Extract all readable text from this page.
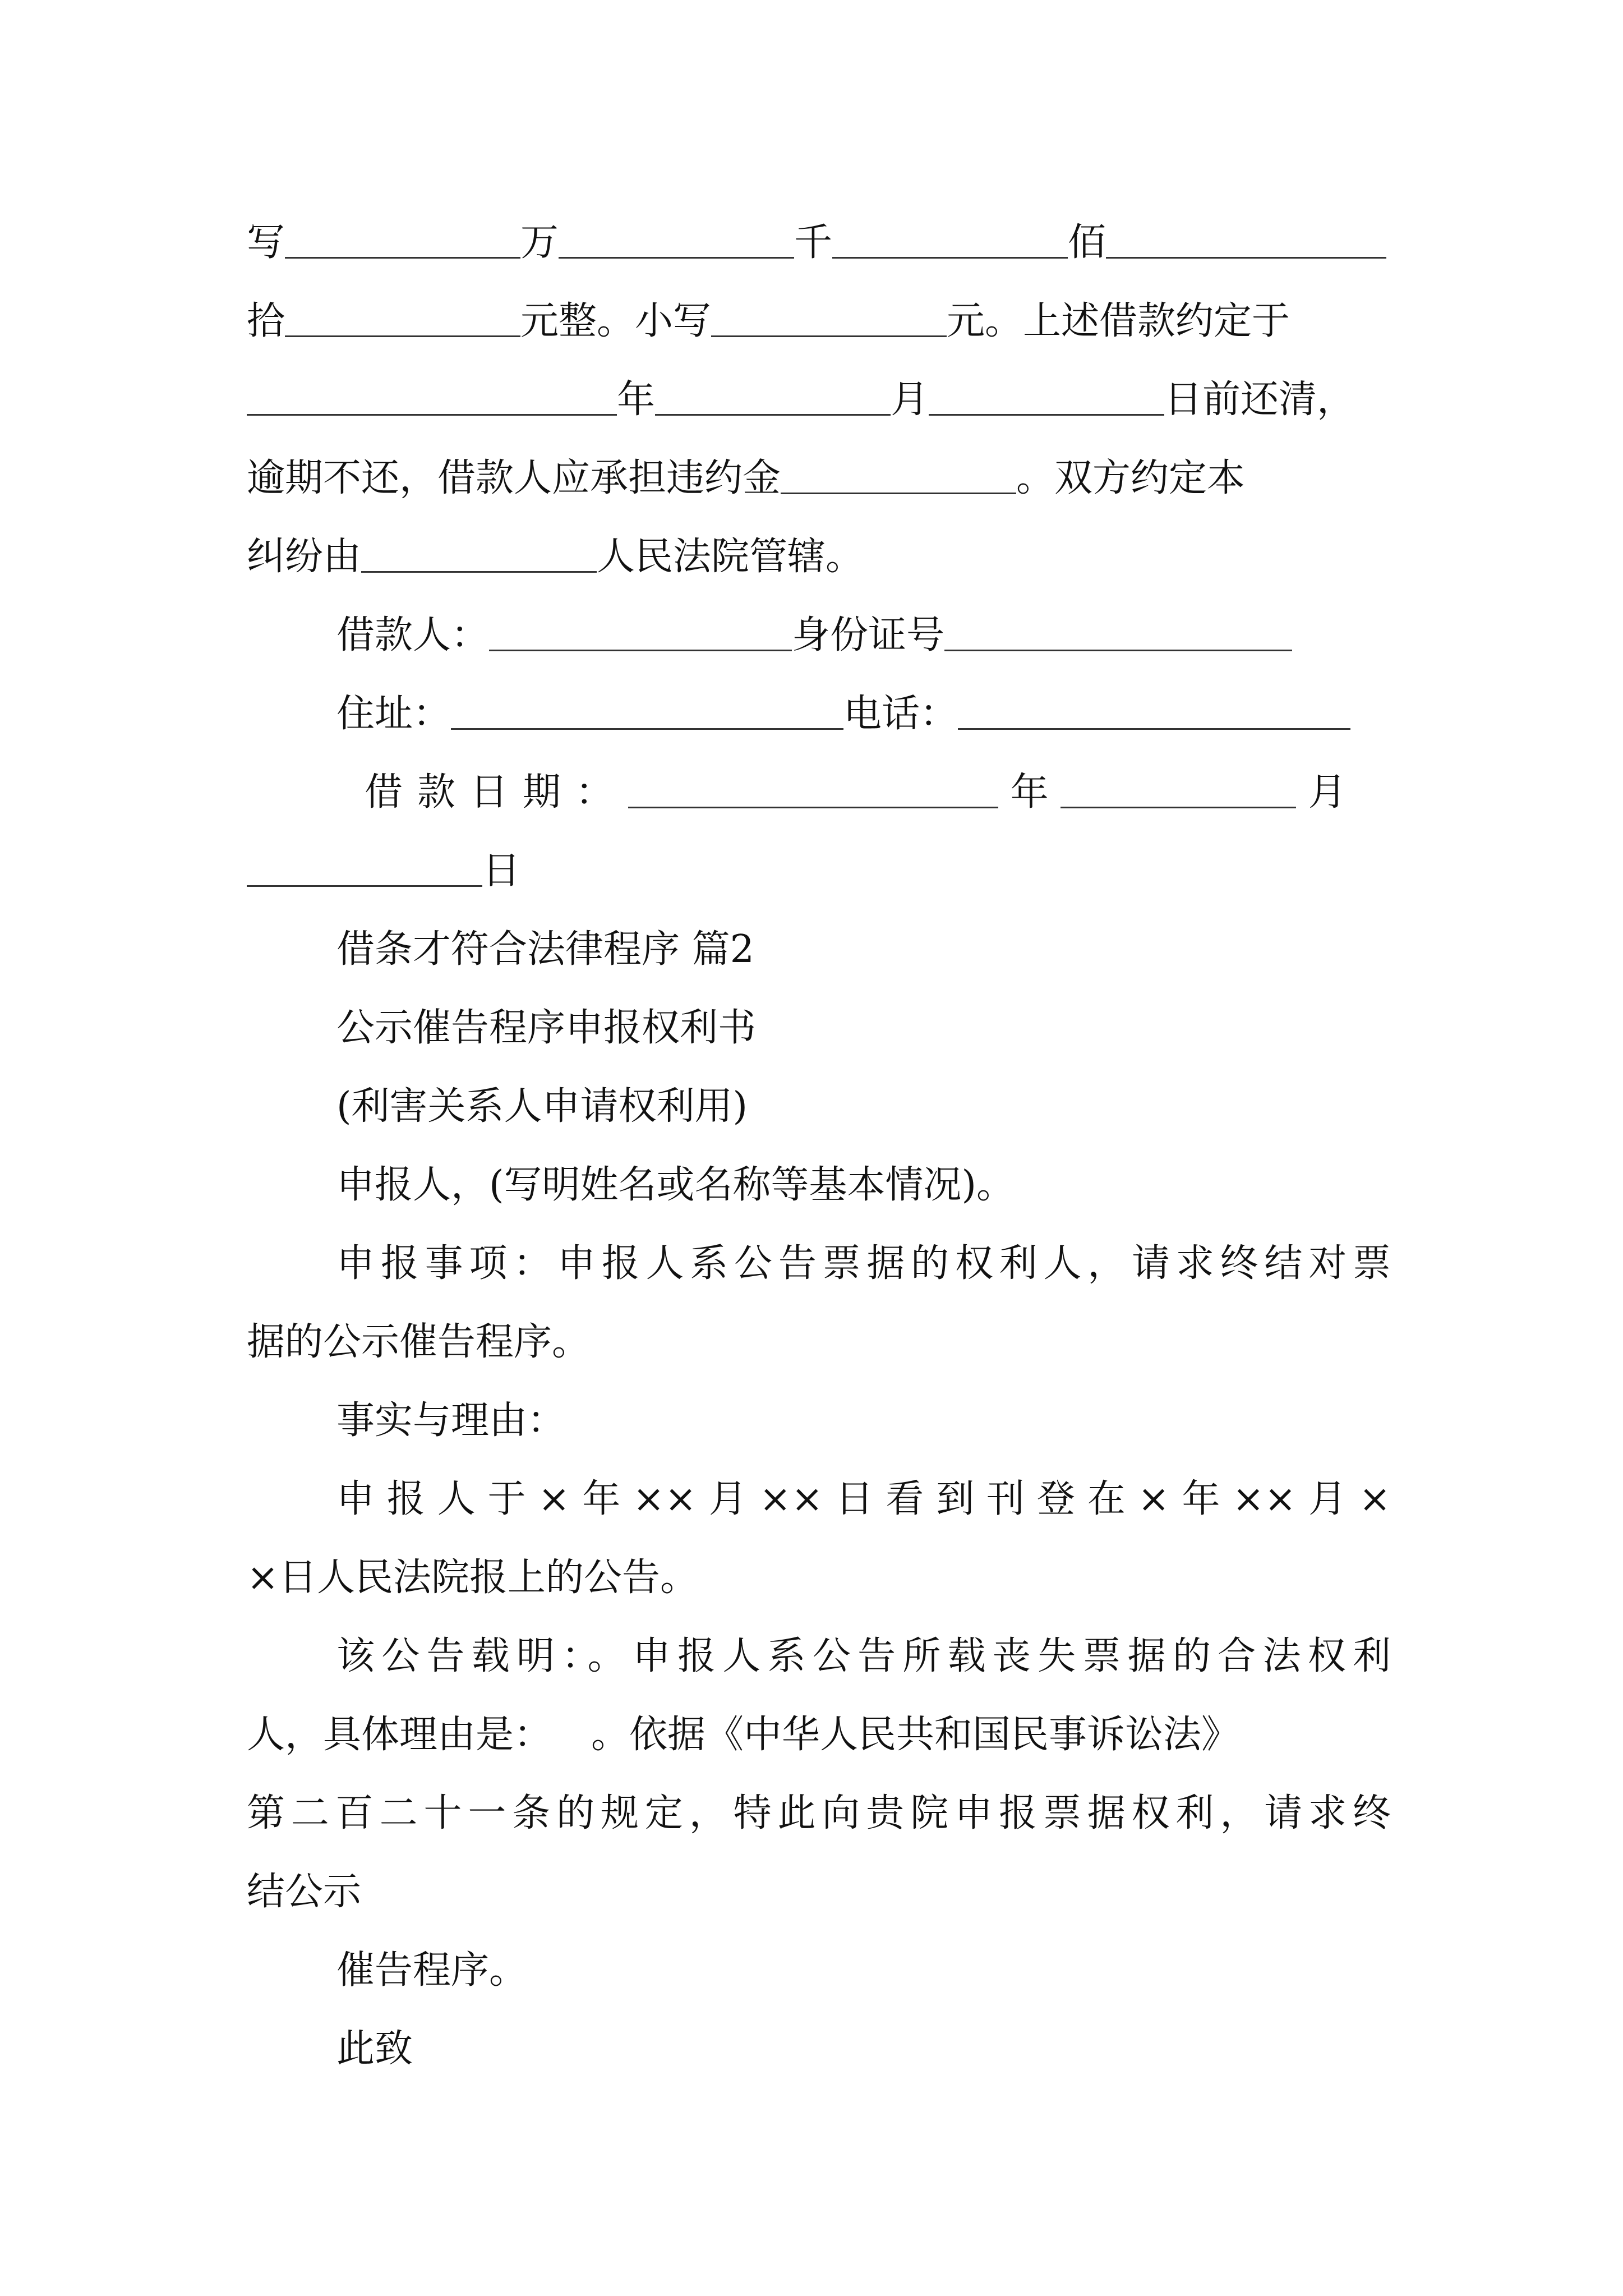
写	万	千	佰
拾	元整。小写	元。上述借款约定于
年	月	日前还清，
逾期不还，借款人应承担违约金	。双方约定本
纠纷由	人民法院管辖。
借款人：	身份证号
住址：	电话：
借款日期：	年	月
日
借条才符合法律程序 篇2
公示催告程序申报权利书
(利害关系人申请权利用)
申报人，(写明姓名或名称等基本情况)。
申报事项：申报人系公告票据的权利人，请求终结对票
据的公示催告程序。
事实与理由：
申报人于×年××月××日看到刊登在×年××月×
×日人民法院报上的公告。
该公告载明：。申报人系公告所载丧失票据的合法权利
人，具体理由是： 。依据《中华人民共和国民事诉讼法》
第二百二十一条的规定，特此向贵院申报票据权利，请求终
结公示
催告程序。
此致
